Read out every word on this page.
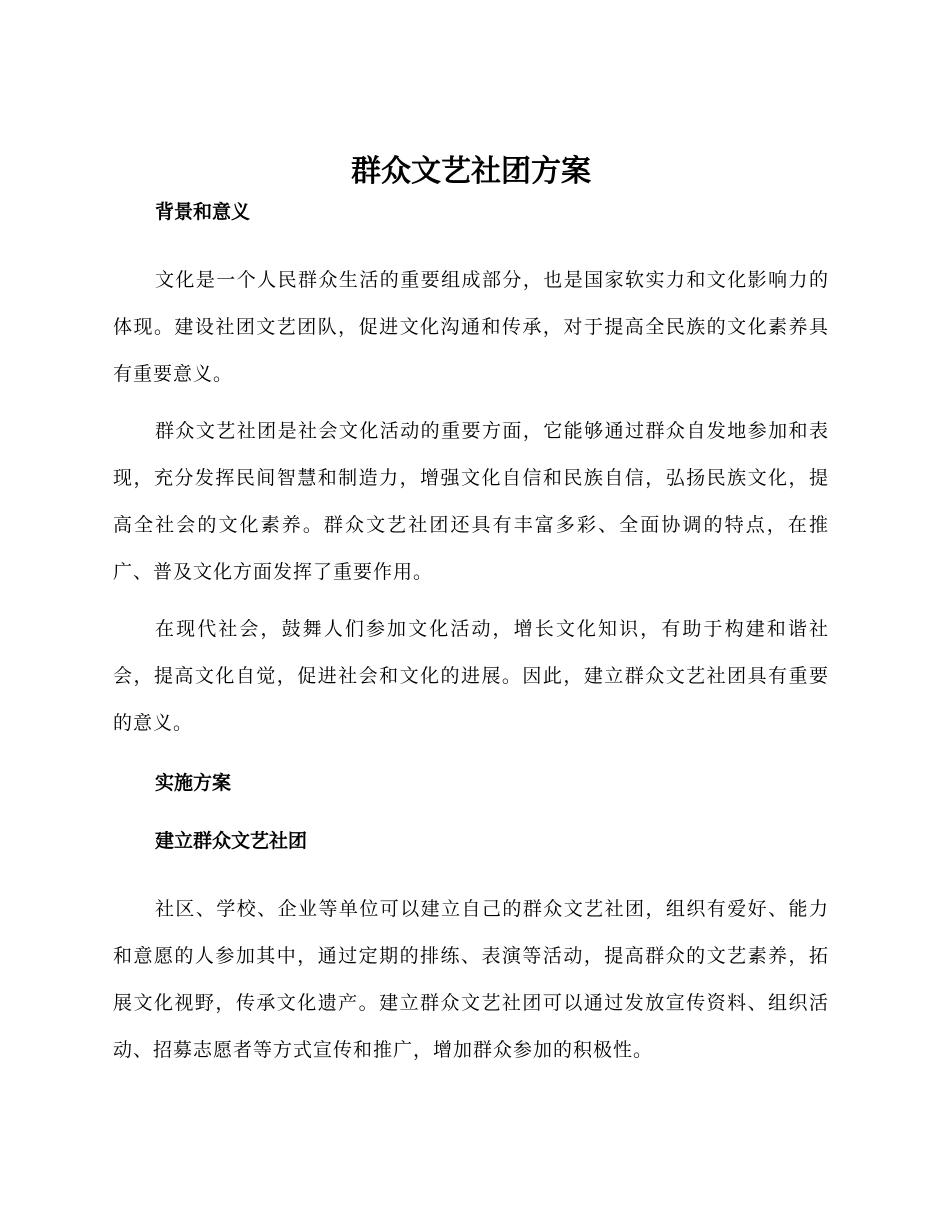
群众文艺社团方案
背景和意义

文化是一个人民群众生活的重要组成部分，也是国家软实力和文化影响力的体现。建设社团文艺团队，促进文化沟通和传承，对于提高全民族的文化素养具有重要意义。

群众文艺社团是社会文化活动的重要方面，它能够通过群众自发地参加和表现，充分发挥民间智慧和制造力，增强文化自信和民族自信，弘扬民族文化，提高全社会的文化素养。群众文艺社团还具有丰富多彩、全面协调的特点，在推广、普及文化方面发挥了重要作用。

在现代社会，鼓舞人们参加文化活动，增长文化知识，有助于构建和谐社会，提高文化自觉，促进社会和文化的进展。因此，建立群众文艺社团具有重要的意义。

实施方案
建立群众文艺社团

社区、学校、企业等单位可以建立自己的群众文艺社团，组织有爱好、能力和意愿的人参加其中，通过定期的排练、表演等活动，提高群众的文艺素养，拓展文化视野，传承文化遗产。建立群众文艺社团可以通过发放宣传资料、组织活动、招募志愿者等方式宣传和推广，增加群众参加的积极性。
